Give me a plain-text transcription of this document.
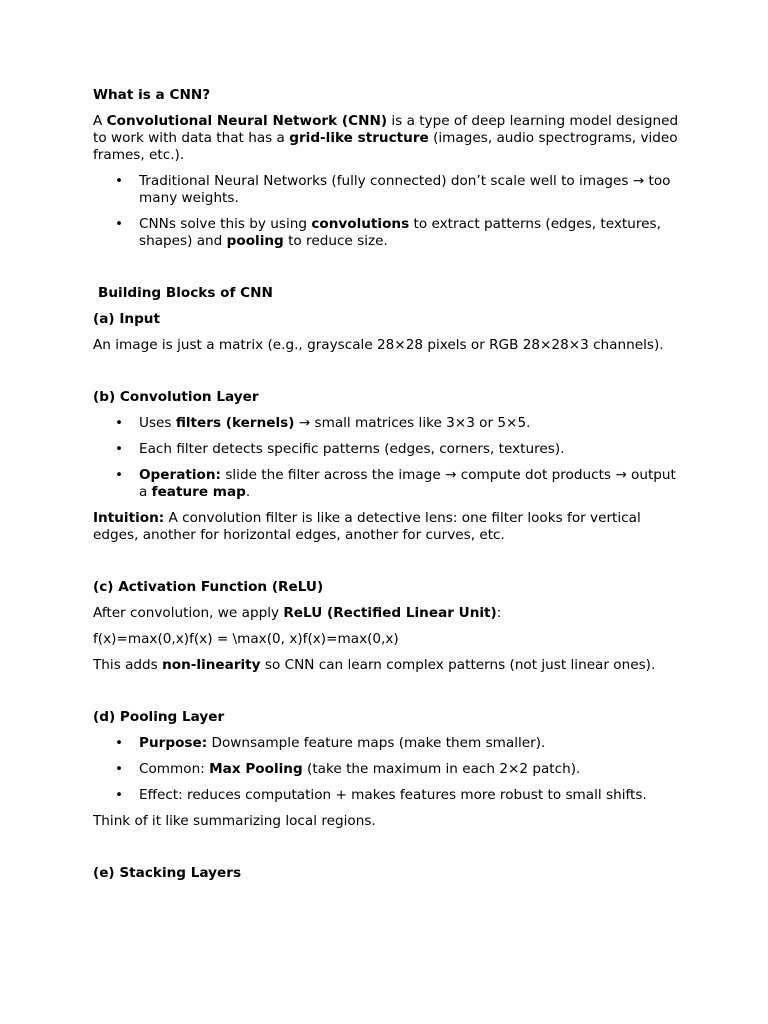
What is a CNN?
A Convolutional Neural Network (CNN) is a type of deep learning model designed to work with data that has a grid-like structure (images, audio spectrograms, video frames, etc.).
• Traditional Neural Networks (fully connected) don’t scale well to images → too many weights.
• CNNs solve this by using convolutions to extract patterns (edges, textures, shapes) and pooling to reduce size.
Building Blocks of CNN
(a) Input
An image is just a matrix (e.g., grayscale 28×28 pixels or RGB 28×28×3 channels).
(b) Convolution Layer
• Uses filters (kernels) → small matrices like 3×3 or 5×5.
• Each filter detects specific patterns (edges, corners, textures).
• Operation: slide the filter across the image → compute dot products → output a feature map.
Intuition: A convolution filter is like a detective lens: one filter looks for vertical edges, another for horizontal edges, another for curves, etc.
(c) Activation Function (ReLU)
After convolution, we apply ReLU (Rectified Linear Unit):
f(x)=max(0,x)f(x) = \max(0, x)f(x)=max(0,x)
This adds non-linearity so CNN can learn complex patterns (not just linear ones).
(d) Pooling Layer
• Purpose: Downsample feature maps (make them smaller).
• Common: Max Pooling (take the maximum in each 2×2 patch).
• Effect: reduces computation + makes features more robust to small shifts.
Think of it like summarizing local regions.
(e) Stacking Layers
